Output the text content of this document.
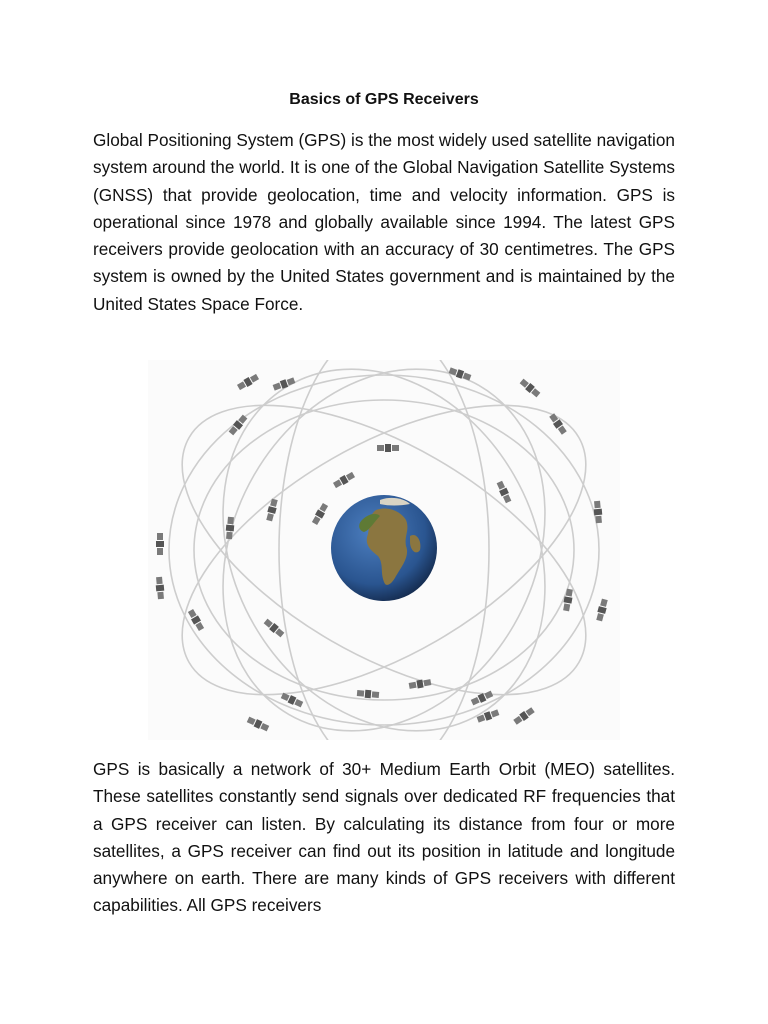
Basics of GPS Receivers

Global Positioning System (GPS) is the most widely used satellite navigation system around the world. It is one of the Global Navigation Satellite Systems (GNSS) that provide geolocation, time and velocity information. GPS is operational since 1978 and globally available since 1994. The latest GPS receivers provide geolocation with an accuracy of 30 centimetres. The GPS system is owned by the United States government and is maintained by the United States Space Force.

GPS is basically a network of 30+ Medium Earth Orbit (MEO) satellites. These satellites constantly send signals over dedicated RF frequencies that a GPS receiver can listen. By calculating its distance from four or more satellites, a GPS receiver can find out its position in latitude and longitude anywhere on earth. There are many kinds of GPS receivers with different capabilities. All GPS receivers
